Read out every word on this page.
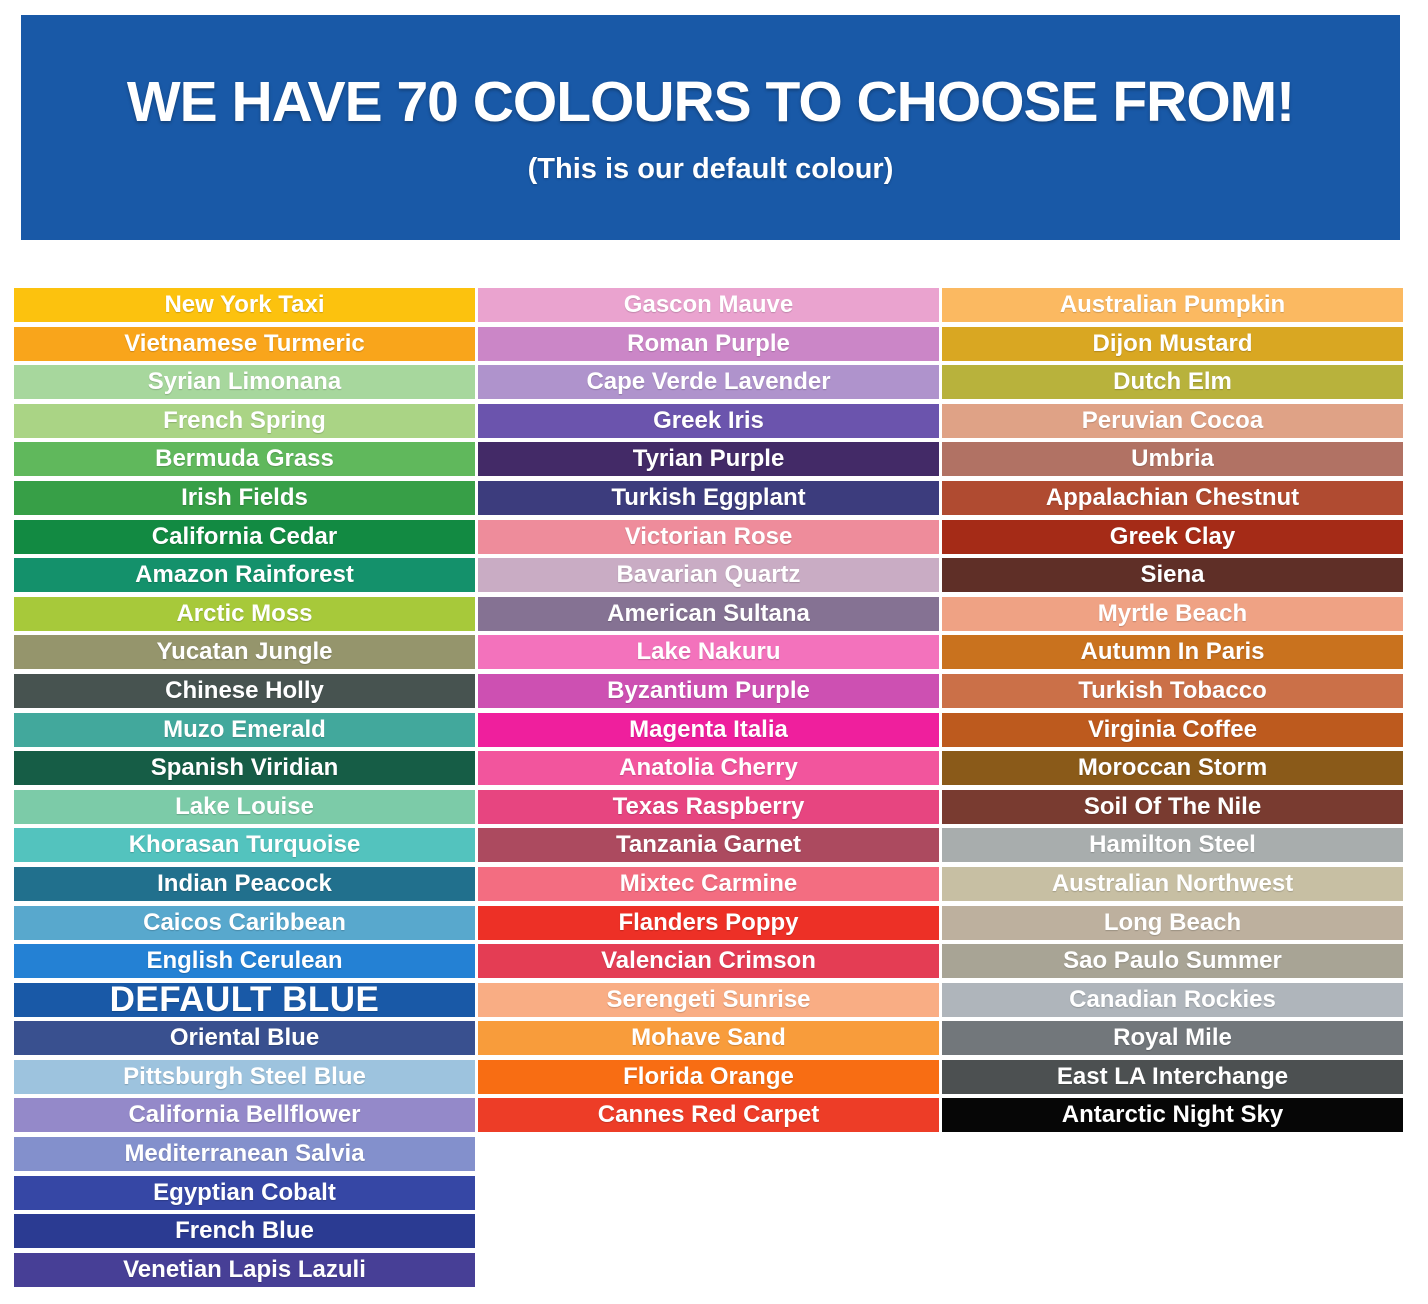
WE HAVE 70 COLOURS TO CHOOSE FROM!

(This is our default colour)

New York Taxi
Vietnamese Turmeric
Syrian Limonana
French Spring
Bermuda Grass
Irish Fields
California Cedar
Amazon Rainforest
Arctic Moss
Yucatan Jungle
Chinese Holly
Muzo Emerald
Spanish Viridian
Lake Louise
Khorasan Turquoise
Indian Peacock
Caicos Caribbean
English Cerulean
DEFAULT BLUE
Oriental Blue
Pittsburgh Steel Blue
California Bellflower
Mediterranean Salvia
Egyptian Cobalt
French Blue
Venetian Lapis Lazuli
Gascon Mauve
Roman Purple
Cape Verde Lavender
Greek Iris
Tyrian Purple
Turkish Eggplant
Victorian Rose
Bavarian Quartz
American Sultana
Lake Nakuru
Byzantium Purple
Magenta Italia
Anatolia Cherry
Texas Raspberry
Tanzania Garnet
Mixtec Carmine
Flanders Poppy
Valencian Crimson
Serengeti Sunrise
Mohave Sand
Florida Orange
Cannes Red Carpet
Australian Pumpkin
Dijon Mustard
Dutch Elm
Peruvian Cocoa
Umbria
Appalachian Chestnut
Greek Clay
Siena
Myrtle Beach
Autumn In Paris
Turkish Tobacco
Virginia Coffee
Moroccan Storm
Soil Of The Nile
Hamilton Steel
Australian Northwest
Long Beach
Sao Paulo Summer
Canadian Rockies
Royal Mile
East LA Interchange
Antarctic Night Sky
